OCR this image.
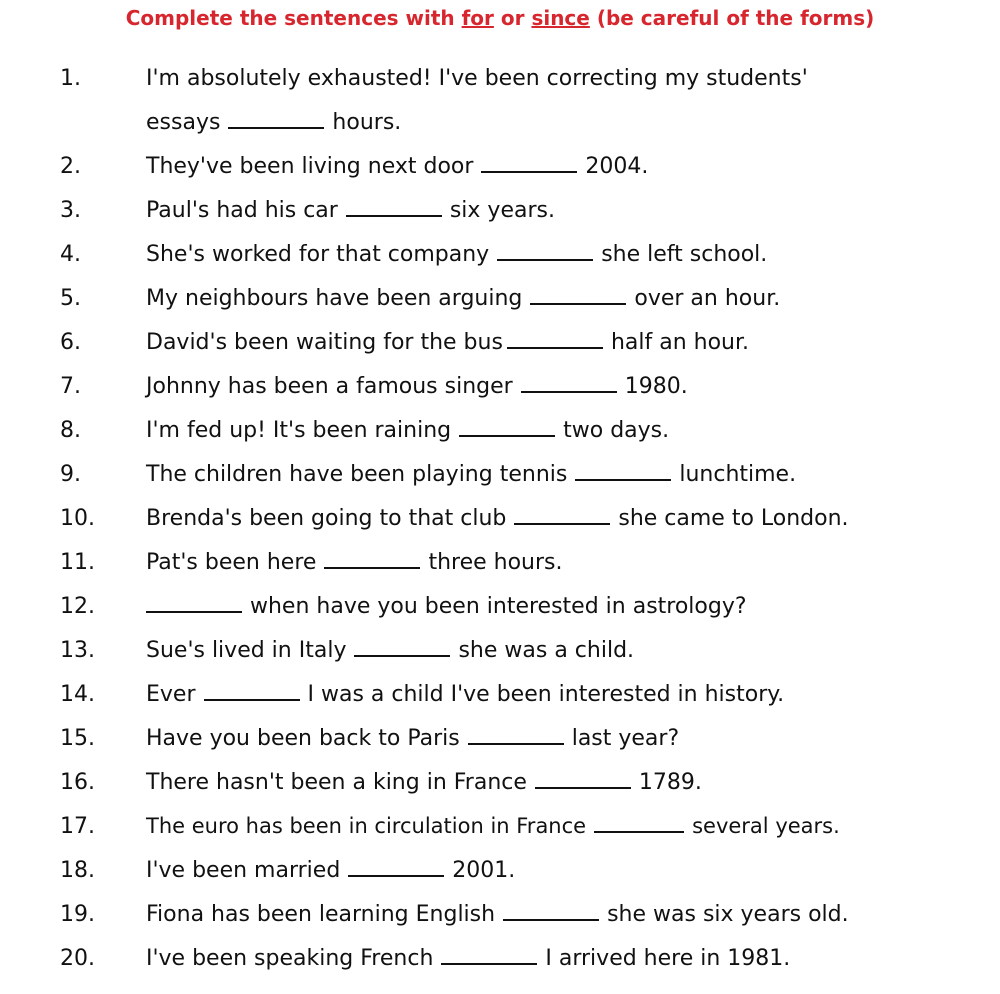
Complete the sentences with for or since (be careful of the forms)
1.	I'm absolutely exhausted! I've been correcting my students'
essays	hours.
2.	They've been living next door	2004.
3.	Paul's had his car	six years.
4.	She's worked for that company	she left school.
5.	My neighbours have been arguing	over an hour.
6.	David's been waiting for the bus	half an hour.
7.	Johnny has been a famous singer	1980.
8.	I'm fed up! It's been raining	two days.
9.	The children have been playing tennis	lunchtime.
10. Brenda's been going to that club	she came to London.
11. Pat's been here	three hours.
12.	when have you been interested in astrology?
13. Sue's lived in Italy	she was a child.
14. Ever	I was a child I've been interested in history.
15. Have you been back to Paris	last year?
16. There hasn't been a king in France	1789.
17. The euro has been in circulation in France	several years.
18. I've been married	2001.
19. Fiona has been learning English	she was six years old.
20. I've been speaking French	I arrived here in 1981.
